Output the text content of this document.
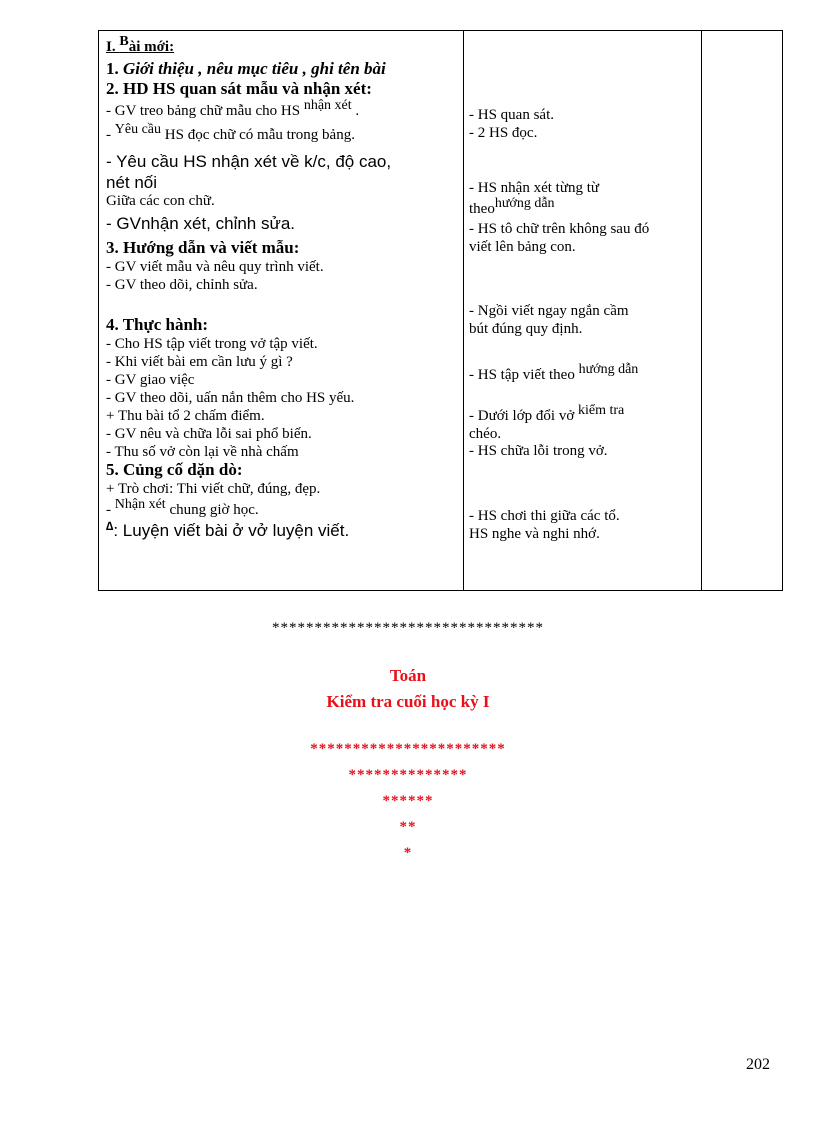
I. Bài mới:
1. Giới thiệu , nêu mục tiêu , ghi tên bài
2. HD HS quan sát mẫu và nhận xét:
- GV treo bảng chữ mẫu cho HS nhận xét .
- Yêu cầu HS đọc chữ có mẫu trong bảng.
- Yêu cầu HS nhận xét về k/c, độ cao,
nét nối
Giữa các con chữ.
- GVnhận xét, chỉnh sửa.
3. Hướng dẫn và viết mẫu:
- GV viết mẫu và nêu quy trình viết.
- GV theo dõi, chỉnh sửa.
4. Thực hành:
- Cho HS tập viết trong vở tập viết.
- Khi viết bài em cần lưu ý gì ?
- GV giao việc
- GV theo dõi, uấn nắn thêm cho HS yếu.
+ Thu bài tổ 2 chấm điểm.
- GV nêu và chữa lỗi sai phổ biến.
- Thu số vở còn lại về nhà chấm
5. Củng cố dặn dò:
+ Trò chơi: Thi viết chữ, đúng, đẹp.
- Nhận xét chung giờ học.
∆: Luyện viết bài ở vở luyện viết.
- HS quan sát.
- 2 HS đọc.
- HS nhận xét từng từ
theohướng dẫn
- HS tô chữ trên không sau đó
viết lên bảng con.
- Ngồi viết ngay ngắn cầm
bút đúng quy định.
- HS tập viết theo hướng dẫn
- Dưới lớp đổi vở kiểm tra
chéo.
- HS chữa lỗi trong vở.
- HS chơi thi giữa các tổ.
HS nghe và nghi nhớ.
********************************
Toán
Kiểm tra cuối học kỳ I
***********************
**************
******
**
*
202
